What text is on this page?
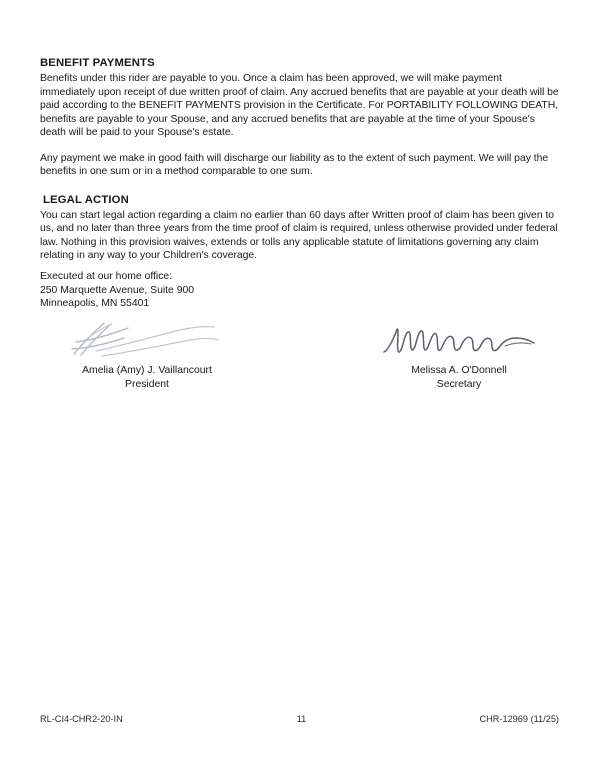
BENEFIT PAYMENTS

Benefits under this rider are payable to you. Once a claim has been approved, we will make payment immediately upon receipt of due written proof of claim. Any accrued benefits that are payable at your death will be paid according to the BENEFIT PAYMENTS provision in the Certificate. For PORTABILITY FOLLOWING DEATH, benefits are payable to your Spouse, and any accrued benefits that are payable at the time of your Spouse's death will be paid to your Spouse's estate.

Any payment we make in good faith will discharge our liability as to the extent of such payment. We will pay the benefits in one sum or in a method comparable to one sum.

LEGAL ACTION

You can start legal action regarding a claim no earlier than 60 days after Written proof of claim has been given to us, and no later than three years from the time proof of claim is required, unless otherwise provided under federal law. Nothing in this provision waives, extends or tolls any applicable statute of limitations governing any claim relating in any way to your Children's coverage.

Executed at our home office:
250 Marquette Avenue, Suite 900
Minneapolis, MN 55401
Amelia (Amy) J. Vaillancourt
President
Melissa A. O'Donnell
Secretary
RL-CI4-CHR2-20-IN	11	CHR-12969 (11/25)
